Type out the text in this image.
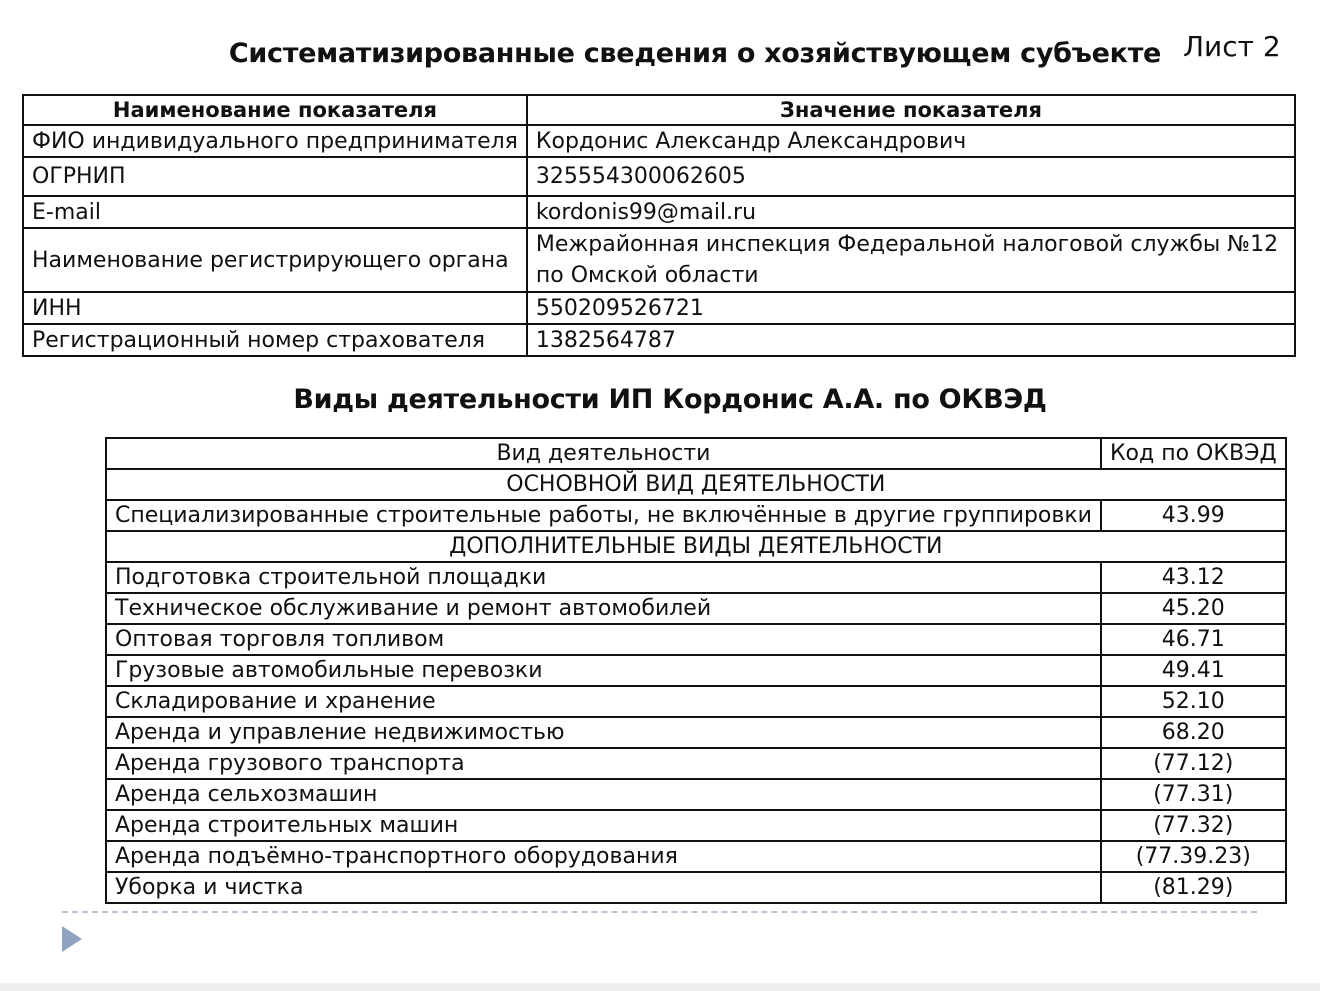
Лист 2
Систематизированные сведения о хозяйствующем субъекте
Наименование показателя	Значение показателя
ФИО индивидуального предпринимателя	Кордонис Александр Александрович
ОГРНИП	325554300062605
E-mail	kordonis99@mail.ru
Наименование регистрирующего органа	Межрайонная инспекция Федеральной налоговой службы №12 по Омской области
ИНН	550209526721
Регистрационный номер страхователя	1382564787
Виды деятельности ИП Кордонис А.А. по ОКВЭД
Вид деятельности	Код по ОКВЭД
ОСНОВНОЙ ВИД ДЕЯТЕЛЬНОСТИ	
Специализированные строительные работы, не включённые в другие группировки	43.99
ДОПОЛНИТЕЛЬНЫЕ ВИДЫ ДЕЯТЕЛЬНОСТИ	
Подготовка строительной площадки	43.12
Техническое обслуживание и ремонт автомобилей	45.20
Оптовая торговля топливом	46.71
Грузовые автомобильные перевозки	49.41
Складирование и хранение	52.10
Аренда и управление недвижимостью	68.20
Аренда грузового транспорта	(77.12)
Аренда сельхозмашин	(77.31)
Аренда строительных машин	(77.32)
Аренда подъёмно-транспортного оборудования	(77.39.23)
Уборка и чистка	(81.29)
